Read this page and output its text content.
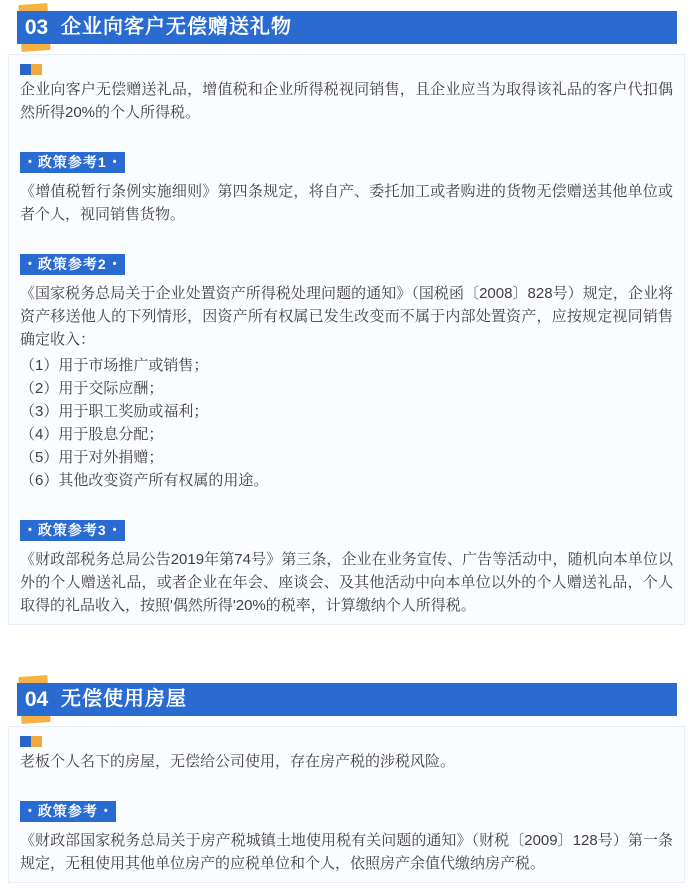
03 企业向客户无偿赠送礼物

企业向客户无偿赠送礼品，增值税和企业所得税视同销售，且企业应当为取得该礼品的客户代扣偶然所得20%的个人所得税。

• 政策参考1 •

《增值税暂行条例实施细则》第四条规定，将自产、委托加工或者购进的货物无偿赠送其他单位或者个人，视同销售货物。

• 政策参考2 •

《国家税务总局关于企业处置资产所得税处理问题的通知》（国税函〔2008〕828号）规定，企业将资产移送他人的下列情形，因资产所有权属已发生改变而不属于内部处置资产，应按规定视同销售确定收入：

（1）用于市场推广或销售；
（2）用于交际应酬；
（3）用于职工奖励或福利；
（4）用于股息分配；
（5）用于对外捐赠；
（6）其他改变资产所有权属的用途。
• 政策参考3 •

《财政部税务总局公告2019年第74号》第三条，企业在业务宣传、广告等活动中，随机向本单位以外的个人赠送礼品，或者企业在年会、座谈会、及其他活动中向本单位以外的个人赠送礼品，个人取得的礼品收入，按照'偶然所得'20%的税率，计算缴纳个人所得税。

04 无偿使用房屋

老板个人名下的房屋，无偿给公司使用，存在房产税的涉税风险。

• 政策参考 •

《财政部国家税务总局关于房产税城镇土地使用税有关问题的通知》（财税〔2009〕128号）第一条规定，无租使用其他单位房产的应税单位和个人，依照房产余值代缴纳房产税。
